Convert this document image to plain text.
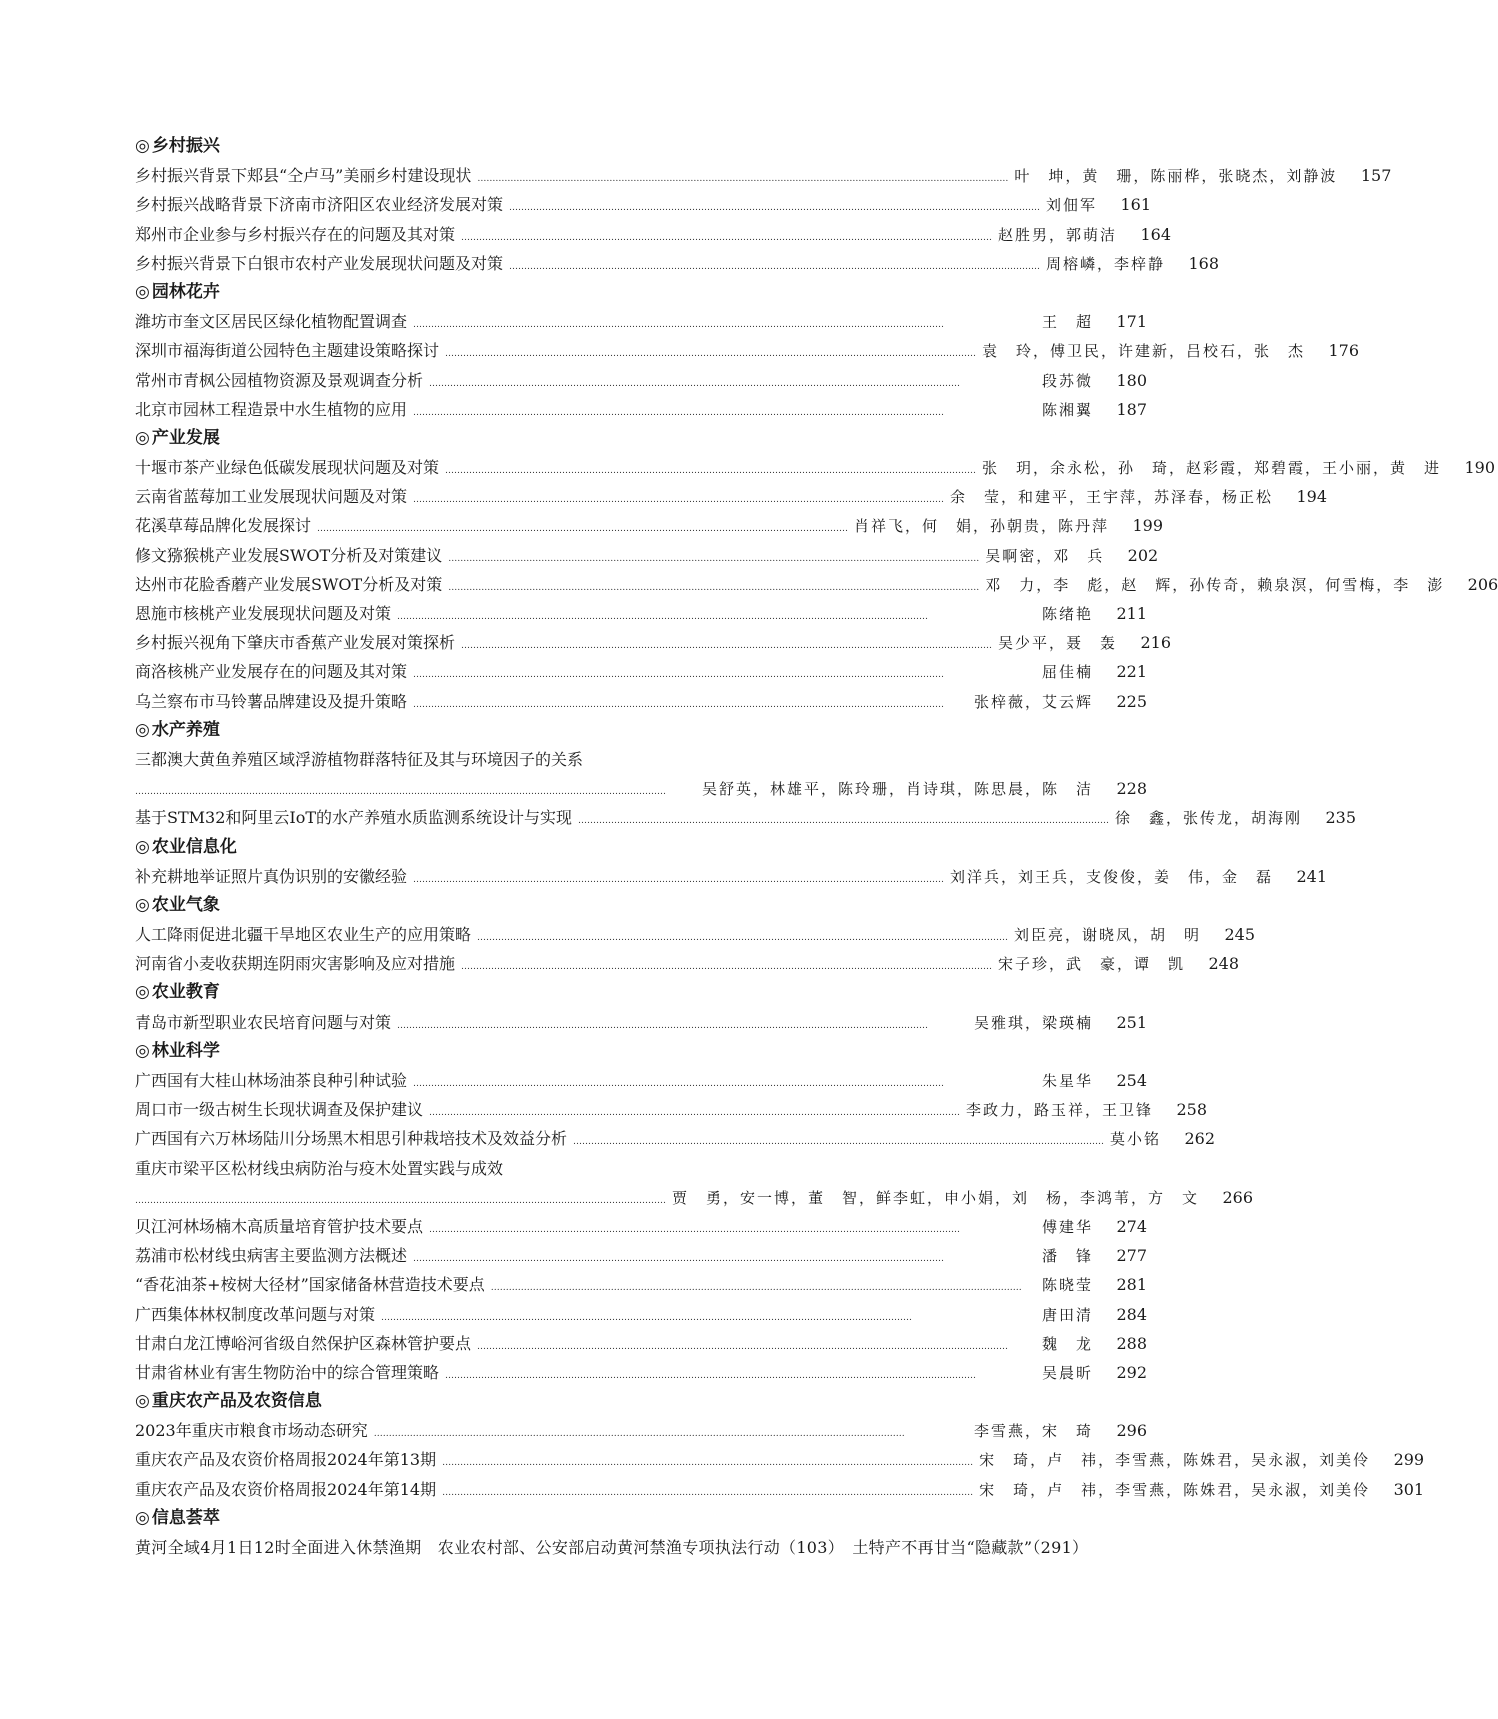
◎ 乡村振兴
乡村振兴背景下郏县“仝卢马”美丽乡村建设现状 …………………………………………………………………………………………………………………………………………………………… 叶　坤，黄　珊，陈丽桦，张晓杰，刘静波	157
乡村振兴战略背景下济南市济阳区农业经济发展对策 …………………………………………………………………………………………………………………………………………………………… 刘佃军	161
郑州市企业参与乡村振兴存在的问题及其对策 …………………………………………………………………………………………………………………………………………………………… 赵胜男，郭萌洁	164
乡村振兴背景下白银市农村产业发展现状问题及对策 …………………………………………………………………………………………………………………………………………………………… 周榕嶙，李梓静	168
◎ 园林花卉
潍坊市奎文区居民区绿化植物配置调查 ……………………………………………………………………………………………………………………………………………………………	王　超	171
深圳市福海街道公园特色主题建设策略探讨 …………………………………………………………………………………………………………………………………………………………… 袁　玲，傅卫民，许建新，吕校石，张　杰	176
常州市青枫公园植物资源及景观调查分析 ……………………………………………………………………………………………………………………………………………………………	段苏微	180
北京市园林工程造景中水生植物的应用 ……………………………………………………………………………………………………………………………………………………………	陈湘翼	187
◎ 产业发展
十堰市茶产业绿色低碳发展现状问题及对策 …………………………………………………………………………………………………………………………………………………………… 张　玥，余永松，孙　琦，赵彩霞，郑碧霞，王小丽，黄　进	190
云南省蓝莓加工业发展现状问题及对策 …………………………………………………………………………………………………………………………………………………………… 余　莹，和建平，王宇萍，苏泽春，杨正松	194
花溪草莓品牌化发展探讨 …………………………………………………………………………………………………………………………………………………………… 肖祥飞，何　娟，孙朝贵，陈丹萍	199
修文猕猴桃产业发展SWOT分析及对策建议 …………………………………………………………………………………………………………………………………………………………… 吴啊密，邓　兵	202
达州市花脸香蘑产业发展SWOT分析及对策 …………………………………………………………………………………………………………………………………………………………… 邓　力，李　彪，赵　辉，孙传奇，赖泉溟，何雪梅，李　澎	206
恩施市核桃产业发展现状问题及对策 ……………………………………………………………………………………………………………………………………………………………	陈绪艳	211
乡村振兴视角下肇庆市香蕉产业发展对策探析 …………………………………………………………………………………………………………………………………………………………… 吴少平，聂　轰	216
商洛核桃产业发展存在的问题及其对策 ……………………………………………………………………………………………………………………………………………………………	屈佳楠	221
乌兰察布市马铃薯品牌建设及提升策略 ……………………………………………………………………………………………………………………………………………………………	张梓薇，艾云辉	225
◎ 水产养殖
三都澳大黄鱼养殖区域浮游植物群落特征及其与环境因子的关系
……………………………………………………………………………………………………………………………………………………………	吴舒英，林雄平，陈玲珊，肖诗琪，陈思晨，陈　洁	228
基于STM32和阿里云IoT的水产养殖水质监测系统设计与实现 …………………………………………………………………………………………………………………………………………………………… 徐　鑫，张传龙，胡海刚	235
◎ 农业信息化
补充耕地举证照片真伪识别的安徽经验 …………………………………………………………………………………………………………………………………………………………… 刘洋兵，刘王兵，支俊俊，姜　伟，金　磊	241
◎ 农业气象
人工降雨促进北疆干旱地区农业生产的应用策略 …………………………………………………………………………………………………………………………………………………………… 刘臣亮，谢晓凤，胡　明	245
河南省小麦收获期连阴雨灾害影响及应对措施 …………………………………………………………………………………………………………………………………………………………… 宋子珍，武　豪，谭　凯	248
◎ 农业教育
青岛市新型职业农民培育问题与对策 ……………………………………………………………………………………………………………………………………………………………	吴雅琪，梁瑛楠	251
◎ 林业科学
广西国有大桂山林场油茶良种引种试验 ……………………………………………………………………………………………………………………………………………………………	朱星华	254
周口市一级古树生长现状调查及保护建议 …………………………………………………………………………………………………………………………………………………………… 李政力，路玉祥，王卫锋	258
广西国有六万林场陆川分场黑木相思引种栽培技术及效益分析 …………………………………………………………………………………………………………………………………………………………… 莫小铭	262
重庆市梁平区松材线虫病防治与疫木处置实践与成效
…………………………………………………………………………………………………………………………………………………………… 贾　勇，安一博，董　智，鲜李虹，申小娟，刘　杨，李鸿苇，方　文	266
贝江河林场楠木高质量培育管护技术要点 ……………………………………………………………………………………………………………………………………………………………	傅建华	274
荔浦市松材线虫病害主要监测方法概述 ……………………………………………………………………………………………………………………………………………………………	潘　锋	277
“香花油茶+桉树大径材”国家储备林营造技术要点 ……………………………………………………………………………………………………………………………………………………………	陈晓莹	281
广西集体林权制度改革问题与对策 ……………………………………………………………………………………………………………………………………………………………	唐田清	284
甘肃白龙江博峪河省级自然保护区森林管护要点 ……………………………………………………………………………………………………………………………………………………………	魏　龙	288
甘肃省林业有害生物防治中的综合管理策略 ……………………………………………………………………………………………………………………………………………………………	吴晨昕	292
◎ 重庆农产品及农资信息
2023年重庆市粮食市场动态研究 ……………………………………………………………………………………………………………………………………………………………	李雪燕，宋　琦	296
重庆农产品及农资价格周报2024年第13期 …………………………………………………………………………………………………………………………………………………………… 宋　琦，卢　祎，李雪燕，陈姝君，吴永淑，刘美伶	299
重庆农产品及农资价格周报2024年第14期 …………………………………………………………………………………………………………………………………………………………… 宋　琦，卢　祎，李雪燕，陈姝君，吴永淑，刘美伶	301
◎ 信息荟萃
黄河全域4月1日12时全面进入休禁渔期　农业农村部、公安部启动黄河禁渔专项执法行动（103）　土特产不再甘当“隐藏款”（291）
